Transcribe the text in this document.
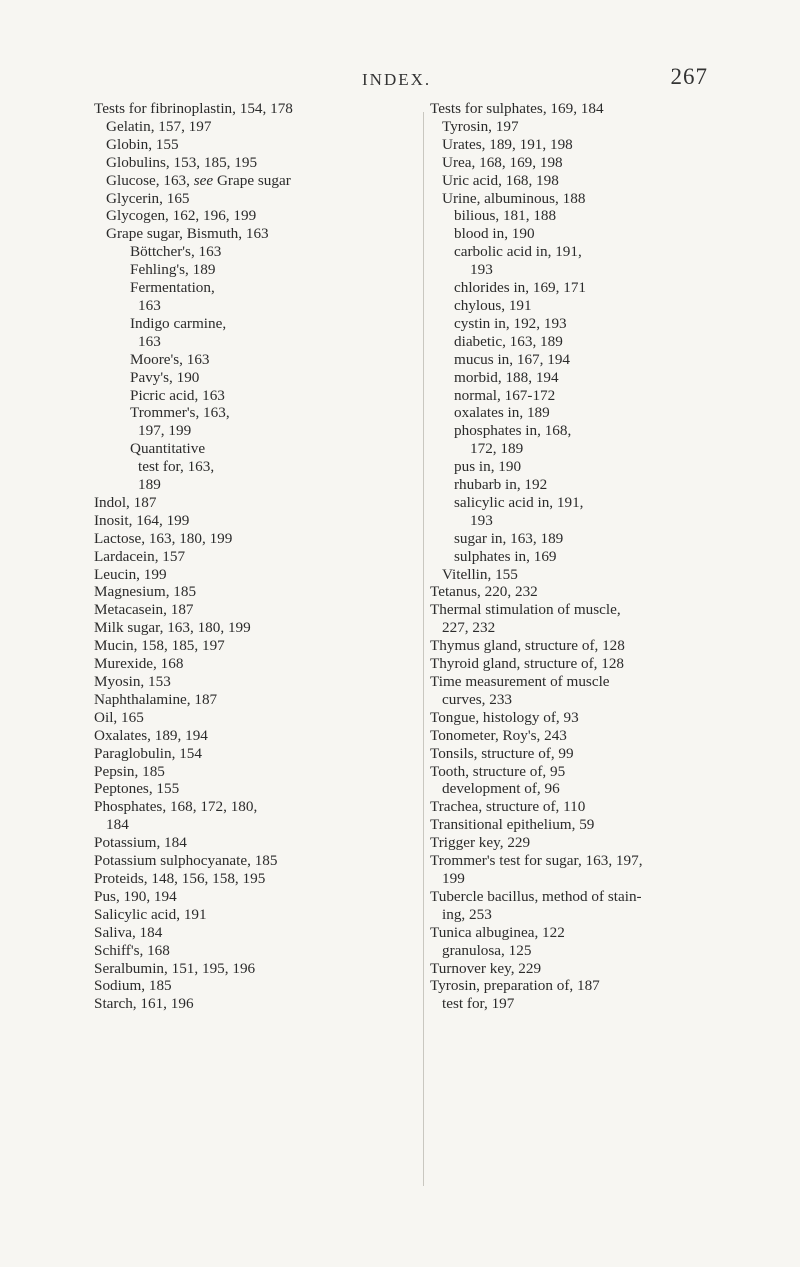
INDEX.	267
Tests for fibrinoplastin, 154, 178
Gelatin, 157, 197
Globin, 155
Globulins, 153, 185, 195
Glucose, 163, see Grape sugar
Glycerin, 165
Glycogen, 162, 196, 199
Grape sugar, Bismuth, 163
Böttcher's, 163
Fehling's, 189
Fermentation,
163
Indigo carmine,
163
Moore's, 163
Pavy's, 190
Picric acid, 163
Trommer's, 163,
197, 199
Quantitative
test for, 163,
189
Indol, 187
Inosit, 164, 199
Lactose, 163, 180, 199
Lardacein, 157
Leucin, 199
Magnesium, 185
Metacasein, 187
Milk sugar, 163, 180, 199
Mucin, 158, 185, 197
Murexide, 168
Myosin, 153
Naphthalamine, 187
Oil, 165
Oxalates, 189, 194
Paraglobulin, 154
Pepsin, 185
Peptones, 155
Phosphates, 168, 172, 180,
184
Potassium, 184
Potassium sulphocyanate, 185
Proteids, 148, 156, 158, 195
Pus, 190, 194
Salicylic acid, 191
Saliva, 184
Schiff's, 168
Seralbumin, 151, 195, 196
Sodium, 185
Starch, 161, 196
Tests for sulphates, 169, 184
Tyrosin, 197
Urates, 189, 191, 198
Urea, 168, 169, 198
Uric acid, 168, 198
Urine, albuminous, 188
bilious, 181, 188
blood in, 190
carbolic acid in, 191,
193
chlorides in, 169, 171
chylous, 191
cystin in, 192, 193
diabetic, 163, 189
mucus in, 167, 194
morbid, 188, 194
normal, 167-172
oxalates in, 189
phosphates in, 168,
172, 189
pus in, 190
rhubarb in, 192
salicylic acid in, 191,
193
sugar in, 163, 189
sulphates in, 169
Vitellin, 155
Tetanus, 220, 232
Thermal stimulation of muscle,
227, 232
Thymus gland, structure of, 128
Thyroid gland, structure of, 128
Time measurement of muscle
curves, 233
Tongue, histology of, 93
Tonometer, Roy's, 243
Tonsils, structure of, 99
Tooth, structure of, 95
development of, 96
Trachea, structure of, 110
Transitional epithelium, 59
Trigger key, 229
Trommer's test for sugar, 163, 197,
199
Tubercle bacillus, method of stain-
ing, 253
Tunica albuginea, 122
granulosa, 125
Turnover key, 229
Tyrosin, preparation of, 187
test for, 197
